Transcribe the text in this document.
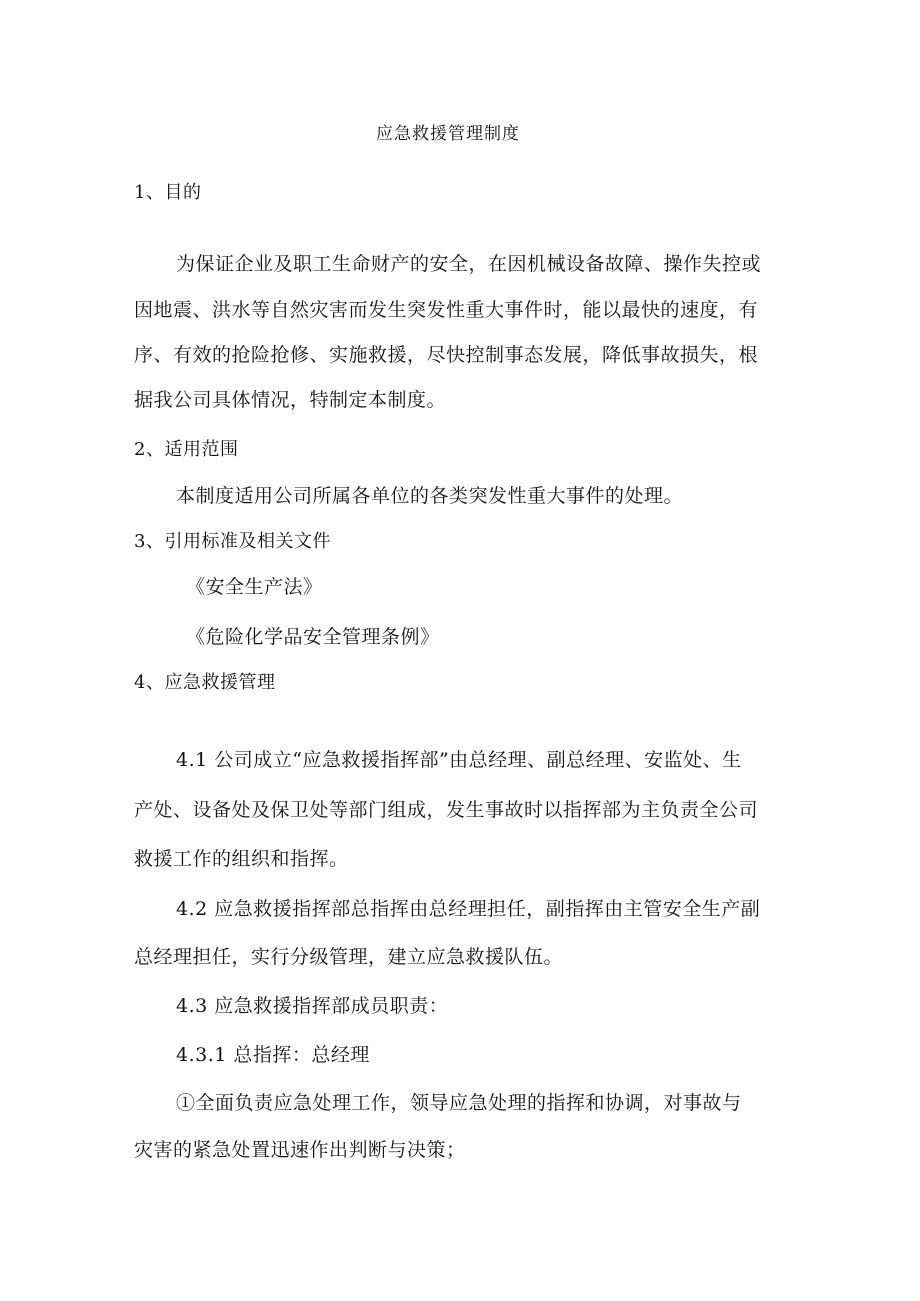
应急救援管理制度
1、目的
为保证企业及职工生命财产的安全，在因机械设备故障、操作失控或
因地震、洪水等自然灾害而发生突发性重大事件时，能以最快的速度，有
序、有效的抢险抢修、实施救援，尽快控制事态发展，降低事故损失，根
据我公司具体情况，特制定本制度。
2、适用范围
本制度适用公司所属各单位的各类突发性重大事件的处理。
3、引用标准及相关文件
《安全生产法》
《危险化学品安全管理条例》
4、应急救援管理
4.1 公司成立“应急救援指挥部”由总经理、副总经理、安监处、生
产处、设备处及保卫处等部门组成，发生事故时以指挥部为主负责全公司
救援工作的组织和指挥。
4.2 应急救援指挥部总指挥由总经理担任，副指挥由主管安全生产副
总经理担任，实行分级管理，建立应急救援队伍。
4.3 应急救援指挥部成员职责：
4.3.1 总指挥：总经理
①全面负责应急处理工作，领导应急处理的指挥和协调，对事故与
灾害的紧急处置迅速作出判断与决策；
